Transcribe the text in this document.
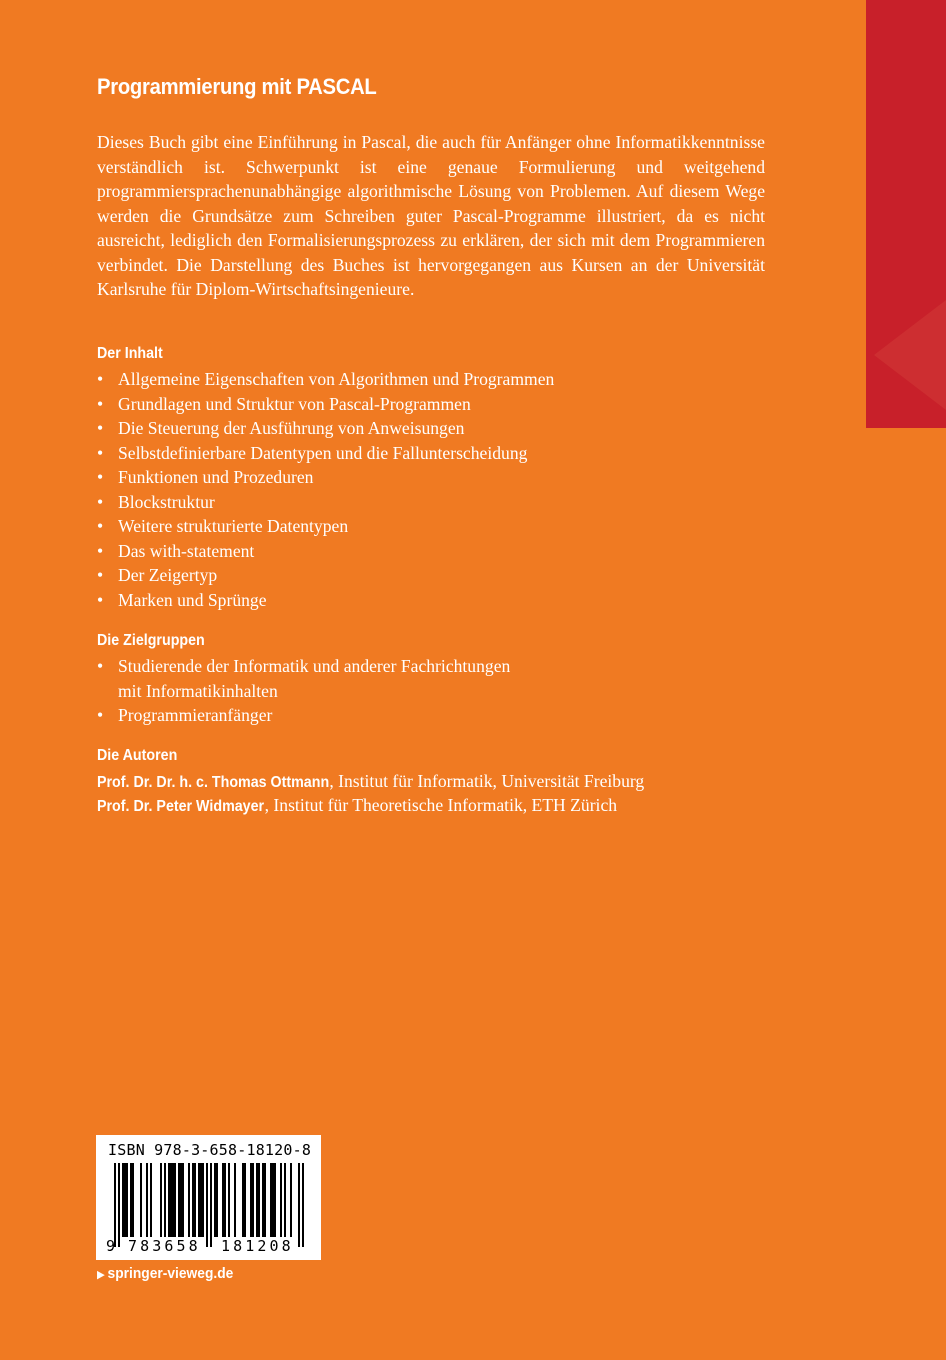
Programmierung mit PASCAL

Dieses Buch gibt eine Einführung in Pascal, die auch für Anfänger ohne Informatikkenntnisse verständlich ist. Schwerpunkt ist eine genaue Formulierung und weitgehend programmiersprachenunabhängige algorithmische Lösung von Problemen. Auf diesem Wege werden die Grundsätze zum Schreiben guter Pascal-Programme illustriert, da es nicht ausreicht, lediglich den Formalisierungsprozess zu erklären, der sich mit dem Programmieren verbindet. Die Darstellung des Buches ist hervorgegangen aus Kursen an der Universität Karlsruhe für Diplom-Wirtschaftsingenieure.

Der Inhalt
• Allgemeine Eigenschaften von Algorithmen und Programmen
• Grundlagen und Struktur von Pascal-Programmen
• Die Steuerung der Ausführung von Anweisungen
• Selbstdefinierbare Datentypen und die Fallunterscheidung
• Funktionen und Prozeduren
• Blockstruktur
• Weitere strukturierte Datentypen
• Das with-statement
• Der Zeigertyp
• Marken und Sprünge
Die Zielgruppen
• Studierende der Informatik und anderer Fachrichtungen
mit Informatikinhalten
• Programmieranfänger
Die Autoren
Prof. Dr. Dr. h. c. Thomas Ottmann, Institut für Informatik, Universität Freiburg
Prof. Dr. Peter Widmayer, Institut für Theoretische Informatik, ETH Zürich
ISBN 978-3-658-18120-8
9 783658 181208
▶ springer-vieweg.de
